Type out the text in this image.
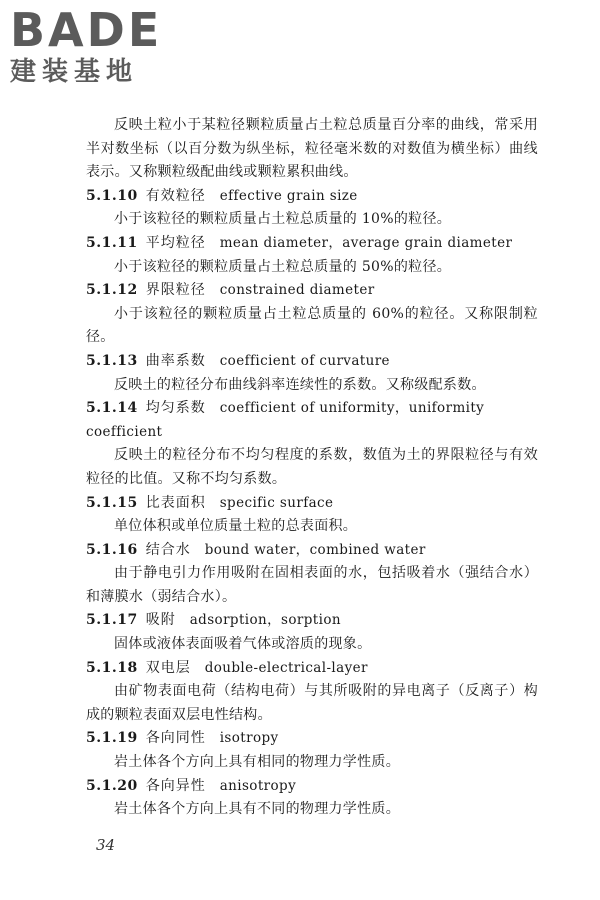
BADE
建装基地

反映土粒小于某粒径颗粒质量占土粒总质量百分率的曲线，常采用半对数坐标（以百分数为纵坐标，粒径毫米数的对数值为横坐标）曲线表示。又称颗粒级配曲线或颗粒累积曲线。

5.1.10 有效粒径 effective grain size

小于该粒径的颗粒质量占土粒总质量的 10%的粒径。

5.1.11 平均粒径 mean diameter，average grain diameter

小于该粒径的颗粒质量占土粒总质量的 50%的粒径。

5.1.12 界限粒径 constrained diameter

小于该粒径的颗粒质量占土粒总质量的 60%的粒径。又称限制粒径。

5.1.13 曲率系数 coefficient of curvature

反映土的粒径分布曲线斜率连续性的系数。又称级配系数。

5.1.14 均匀系数 coefficient of uniformity，uniformity coefficient

反映土的粒径分布不均匀程度的系数，数值为土的界限粒径与有效粒径的比值。又称不均匀系数。

5.1.15 比表面积 specific surface

单位体积或单位质量土粒的总表面积。

5.1.16 结合水 bound water，combined water

由于静电引力作用吸附在固相表面的水，包括吸着水（强结合水）和薄膜水（弱结合水）。

5.1.17 吸附 adsorption，sorption

固体或液体表面吸着气体或溶质的现象。

5.1.18 双电层 double-electrical-layer

由矿物表面电荷（结构电荷）与其所吸附的异电离子（反离子）构成的颗粒表面双层电性结构。

5.1.19 各向同性 isotropy

岩土体各个方向上具有相同的物理力学性质。

5.1.20 各向异性 anisotropy

岩土体各个方向上具有不同的物理力学性质。

34
